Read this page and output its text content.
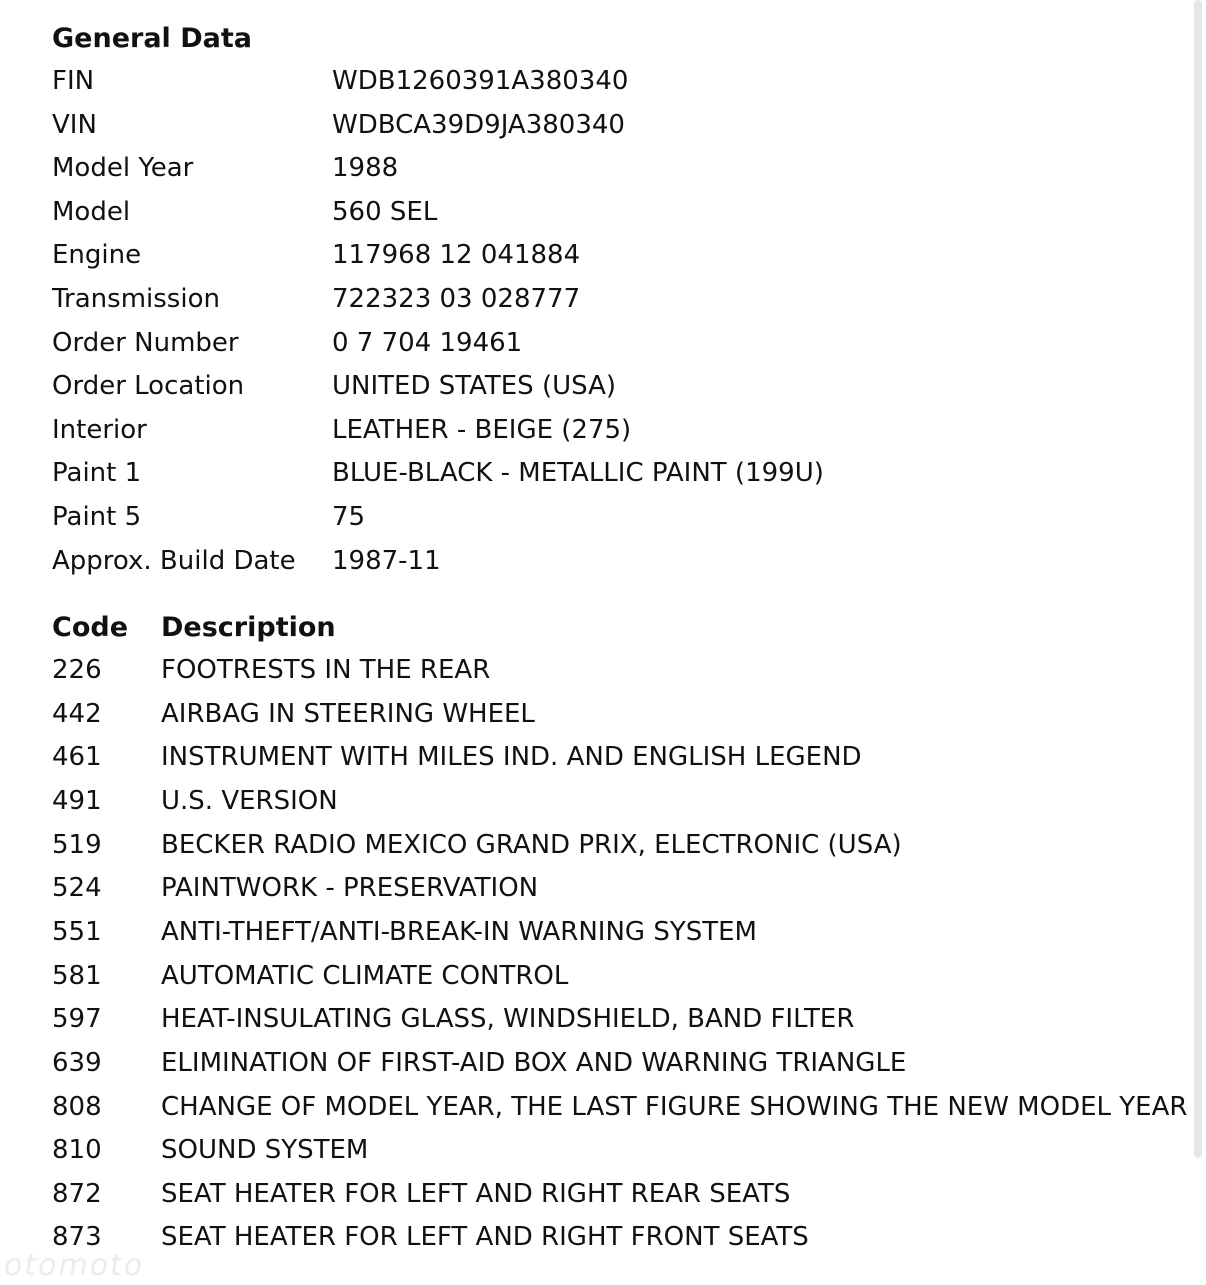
General Data
FIN	WDB1260391A380340
VIN	WDBCA39D9JA380340
Model Year	1988
Model	560 SEL
Engine	117968 12 041884
Transmission	722323 03 028777
Order Number	0 7 704 19461
Order Location	UNITED STATES (USA)
Interior	LEATHER - BEIGE (275)
Paint 1	BLUE-BLACK - METALLIC PAINT (199U)
Paint 5	75
Approx. Build Date	1987-11
Code	Description
226	FOOTRESTS IN THE REAR
442	AIRBAG IN STEERING WHEEL
461	INSTRUMENT WITH MILES IND. AND ENGLISH LEGEND
491	U.S. VERSION
519	BECKER RADIO MEXICO GRAND PRIX, ELECTRONIC (USA)
524	PAINTWORK - PRESERVATION
551	ANTI-THEFT/ANTI-BREAK-IN WARNING SYSTEM
581	AUTOMATIC CLIMATE CONTROL
597	HEAT-INSULATING GLASS, WINDSHIELD, BAND FILTER
639	ELIMINATION OF FIRST-AID BOX AND WARNING TRIANGLE
808	CHANGE OF MODEL YEAR, THE LAST FIGURE SHOWING THE NEW MODEL YEAR
810	SOUND SYSTEM
872	SEAT HEATER FOR LEFT AND RIGHT REAR SEATS
873	SEAT HEATER FOR LEFT AND RIGHT FRONT SEATS
otomoto
